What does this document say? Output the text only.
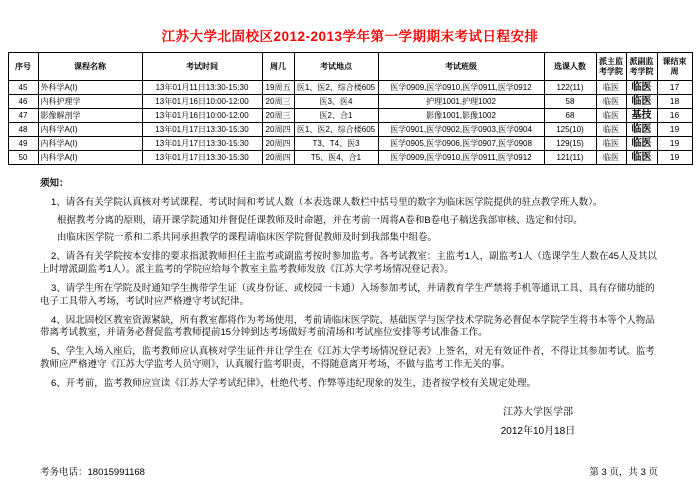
江苏大学北固校区2012-2013学年第一学期期末考试日程安排
序号	课程名称	考试时间	周几	考试地点	考试班级	选课人数	派主监考学院	派副监考学院	课结束周
45	外科学A(Ⅰ)	13年01月11日13:30-15:30	19周五	医1、医2、综合楼605	医学0909,医学0910,医学0911,医学0912	122(11)	临医	临医	17
46	内科护理学	13年01月16日10:00-12:00	20周三	医3、医4	护理1001,护理1002	58	临医	临医	18
47	影像解剖学	13年01月16日10:00-12:00	20周三	医2、合1	影像1001,影像1002	68	临医	基技	16
48	内科学A(Ⅰ)	13年01月17日13:30-15:30	20周四	医1、医2、综合楼605	医学0901,医学0902,医学0903,医学0904	125(10)	临医	临医	19
49	内科学A(Ⅰ)	13年01月17日13:30-15:30	20周四	T3、T4、医3	医学0905,医学0906,医学0907,医学0908	129(15)	临医	临医	19
50	内科学A(Ⅰ)	13年01月17日13:30-15:30	20周四	T5、医4、合1	医学0909,医学0910,医学0911,医学0912	121(11)	临医	临医	19

须知：

1、请各有关学院认真核对考试课程、考试时间和考试人数（本表选课人数栏中括号里的数字为临床医学院提供的驻点教学班人数）。

根据教考分离的原则，请开课学院通知并督促任课教师及时命题，并在考前一周将A卷和B卷电子稿送我部审核、选定和付印。

由临床医学院一系和二系共同承担教学的课程请临床医学院督促教师及时到我部集中组卷。

2、请各有关学院按本安排的要求指派教师担任主监考或副监考按时参加监考。各考试教室：主监考1人，副监考1人（选课学生人数在45人及其以上时增派副监考1人）。派主监考的学院应给每个教室主监考教师发放《江苏大学考场情况登记表》。

3、请学生所在学院及时通知学生携带学生证（或身份证、或校园一卡通）入场参加考试，并请教育学生严禁将手机等通讯工具、具有存储功能的电子工具带入考场，考试时应严格遵守考试纪律。

4、因北固校区教室资源紧缺，所有教室都将作为考场使用，考前请临床医学院、基础医学与医学技术学院务必督促本学院学生将书本等个人物品带离考试教室，并请务必督促监考教师提前15分钟到达考场做好考前清场和考试座位安排等考试准备工作。

5、学生入场入座后，监考教师应认真核对学生证件并让学生在《江苏大学考场情况登记表》上签名，对无有效证件者，不得让其参加考试。监考教师应严格遵守《江苏大学监考人员守则》，认真履行监考职责，不得随意离开考场，不做与监考工作无关的事。

6、开考前，监考教师应宣读《江苏大学考试纪律》，杜绝代考、作弊等违纪现象的发生，违者按学校有关规定处理。

江苏大学医学部
2012年10月18日
考务电话：18015991168	第 3 页，共 3 页
